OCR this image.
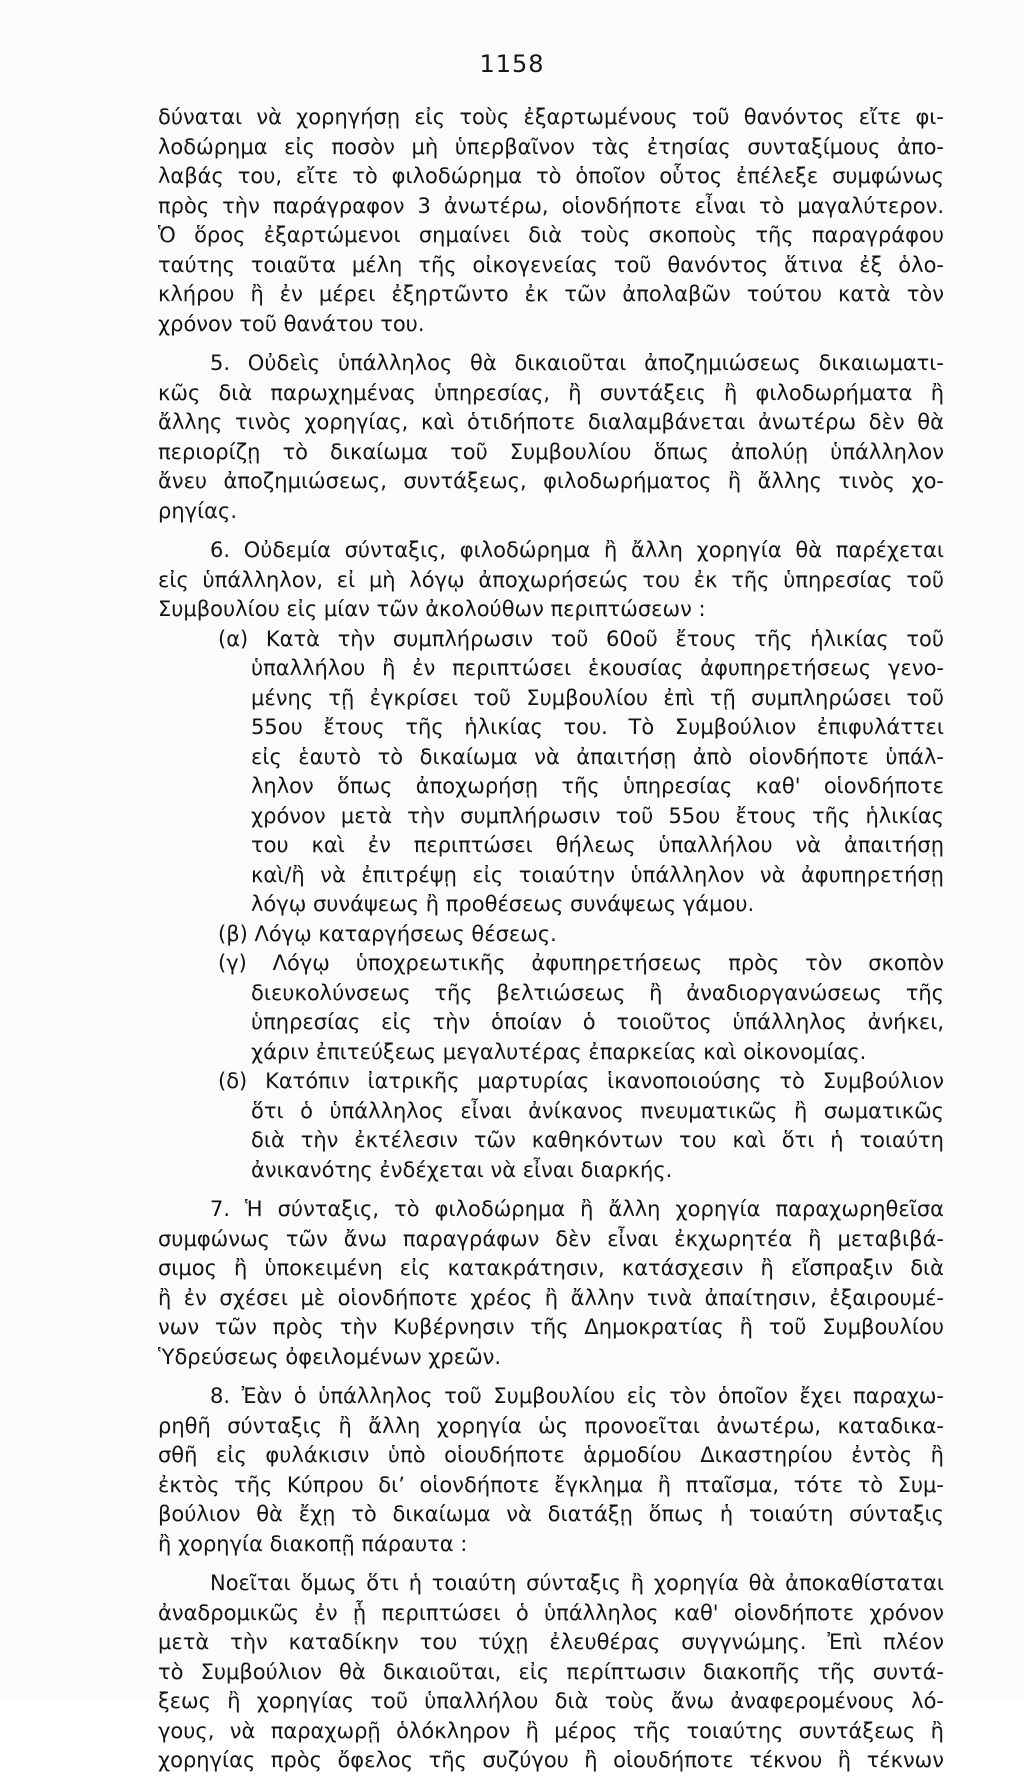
1158
δύναται νὰ χορηγήσῃ εἰς τοὺς ἐξαρτωμένους τοῦ θανόντος εἴτε φι-
λοδώρημα εἰς ποσὸν μὴ ὑπερβαῖνον τὰς ἐτησίας συνταξίμους ἀπο-
λαβάς του, εἴτε τὸ φιλοδώρημα τὸ ὁποῖον οὗτος ἐπέλεξε συμφώνως
πρὸς τὴν παράγραφον 3 ἀνωτέρω, οἱονδήποτε εἶναι τὸ μαγαλύτερον.
Ὁ ὅρος ἐξαρτώμενοι σημαίνει διὰ τοὺς σκοποὺς τῆς παραγράφου
ταύτης τοιαῦτα μέλη τῆς οἰκογενείας τοῦ θανόντος ἅτινα ἐξ ὁλο-
κλήρου ἢ ἐν μέρει ἐξηρτῶντο ἐκ τῶν ἀπολαβῶν τούτου κατὰ τὸν
χρόνον τοῦ θανάτου του.
5. Οὐδεὶς ὑπάλληλος θὰ δικαιοῦται ἀποζημιώσεως δικαιωματι-
κῶς διὰ παρωχημένας ὑπηρεσίας, ἢ συντάξεις ἢ φιλοδωρήματα ἢ
ἄλλης τινὸς χορηγίας, καὶ ὁτιδήποτε διαλαμβάνεται ἀνωτέρω δὲν θὰ
περιορίζῃ τὸ δικαίωμα τοῦ Συμβουλίου ὅπως ἀπολύῃ ὑπάλληλον
ἄνευ ἀποζημιώσεως, συντάξεως, φιλοδωρήματος ἢ ἄλλης τινὸς χο-
ρηγίας.
6. Οὐδεμία σύνταξις, φιλοδώρημα ἢ ἄλλη χορηγία θὰ παρέχεται
εἰς ὑπάλληλον, εἰ μὴ λόγῳ ἀποχωρήσεώς του ἐκ τῆς ὑπηρεσίας τοῦ
Συμβουλίου εἰς μίαν τῶν ἀκολούθων περιπτώσεων :
(α) Κατὰ τὴν συμπλήρωσιν τοῦ 60οῦ ἔτους τῆς ἡλικίας τοῦ
ὑπαλλήλου ἢ ἐν περιπτώσει ἑκουσίας ἀφυπηρετήσεως γενο-
μένης τῇ ἐγκρίσει τοῦ Συμβουλίου ἐπὶ τῇ συμπληρώσει τοῦ
55ου ἔτους τῆς ἡλικίας του. Τὸ Συμβούλιον ἐπιφυλάττει
εἰς ἑαυτὸ τὸ δικαίωμα νὰ ἀπαιτήσῃ ἀπὸ οἱονδήποτε ὑπάλ-
ληλον ὅπως ἀποχωρήσῃ τῆς ὑπηρεσίας καθ' οἱονδήποτε
χρόνον μετὰ τὴν συμπλήρωσιν τοῦ 55ου ἔτους τῆς ἡλικίας
του καὶ ἐν περιπτώσει θήλεως ὑπαλλήλου νὰ ἀπαιτήσῃ
καὶ/ἢ νὰ ἐπιτρέψῃ εἰς τοιαύτην ὑπάλληλον νὰ ἀφυπηρετήσῃ
λόγῳ συνάψεως ἢ προθέσεως συνάψεως γάμου.
(β) Λόγῳ καταργήσεως θέσεως.
(γ) Λόγῳ ὑποχρεωτικῆς ἀφυπηρετήσεως πρὸς τὸν σκοπὸν
διευκολύνσεως τῆς βελτιώσεως ἢ ἀναδιοργανώσεως τῆς
ὑπηρεσίας εἰς τὴν ὁποίαν ὁ τοιοῦτος ὑπάλληλος ἀνήκει,
χάριν ἐπιτεύξεως μεγαλυτέρας ἐπαρκείας καὶ οἰκονομίας.
(δ) Κατόπιν ἰατρικῆς μαρτυρίας ἱκανοποιούσης τὸ Συμβούλιον
ὅτι ὁ ὑπάλληλος εἶναι ἀνίκανος πνευματικῶς ἢ σωματικῶς
διὰ τὴν ἐκτέλεσιν τῶν καθηκόντων του καὶ ὅτι ἡ τοιαύτη
ἀνικανότης ἐνδέχεται νὰ εἶναι διαρκής.
7. Ἡ σύνταξις, τὸ φιλοδώρημα ἢ ἄλλη χορηγία παραχωρηθεῖσα
συμφώνως τῶν ἄνω παραγράφων δὲν εἶναι ἐκχωρητέα ἢ μεταβιβά-
σιμος ἢ ὑποκειμένη εἰς κατακράτησιν, κατάσχεσιν ἢ εἴσπραξιν διὰ
ἢ ἐν σχέσει μὲ οἱονδήποτε χρέος ἢ ἄλλην τινὰ ἀπαίτησιν, ἐξαιρουμέ-
νων τῶν πρὸς τὴν Κυβέρνησιν τῆς Δημοκρατίας ἢ τοῦ Συμβουλίου
Ὑδρεύσεως ὀφειλομένων χρεῶν.
8. Ἐὰν ὁ ὑπάλληλος τοῦ Συμβουλίου εἰς τὸν ὁποῖον ἔχει παραχω-
ρηθῆ σύνταξις ἢ ἄλλη χορηγία ὡς προνοεῖται ἀνωτέρω, καταδικα-
σθῆ εἰς φυλάκισιν ὑπὸ οἱουδήποτε ἁρμοδίου Δικαστηρίου ἐντὸς ἢ
ἐκτὸς τῆς Κύπρου διʼ οἱονδήποτε ἔγκλημα ἢ πταῖσμα, τότε τὸ Συμ-
βούλιον θὰ ἔχῃ τὸ δικαίωμα νὰ διατάξῃ ὅπως ἡ τοιαύτη σύνταξις
ἢ χορηγία διακοπῇ πάραυτα :
Νοεῖται ὅμως ὅτι ἡ τοιαύτη σύνταξις ἢ χορηγία θὰ ἀποκαθίσταται
ἀναδρομικῶς ἐν ᾗ περιπτώσει ὁ ὑπάλληλος καθ' οἱονδήποτε χρόνον
μετὰ τὴν καταδίκην του τύχῃ ἐλευθέρας συγγνώμης. Ἐπὶ πλέον
τὸ Συμβούλιον θὰ δικαιοῦται, εἰς περίπτωσιν διακοπῆς τῆς συντά-
ξεως ἢ χορηγίας τοῦ ὑπαλλήλου διὰ τοὺς ἄνω ἀναφερομένους λό-
γους, νὰ παραχωρῇ ὁλόκληρον ἢ μέρος τῆς τοιαύτης συντάξεως ἢ
χορηγίας πρὸς ὄφελος τῆς συζύγου ἢ οἱουδήποτε τέκνου ἢ τέκνων
